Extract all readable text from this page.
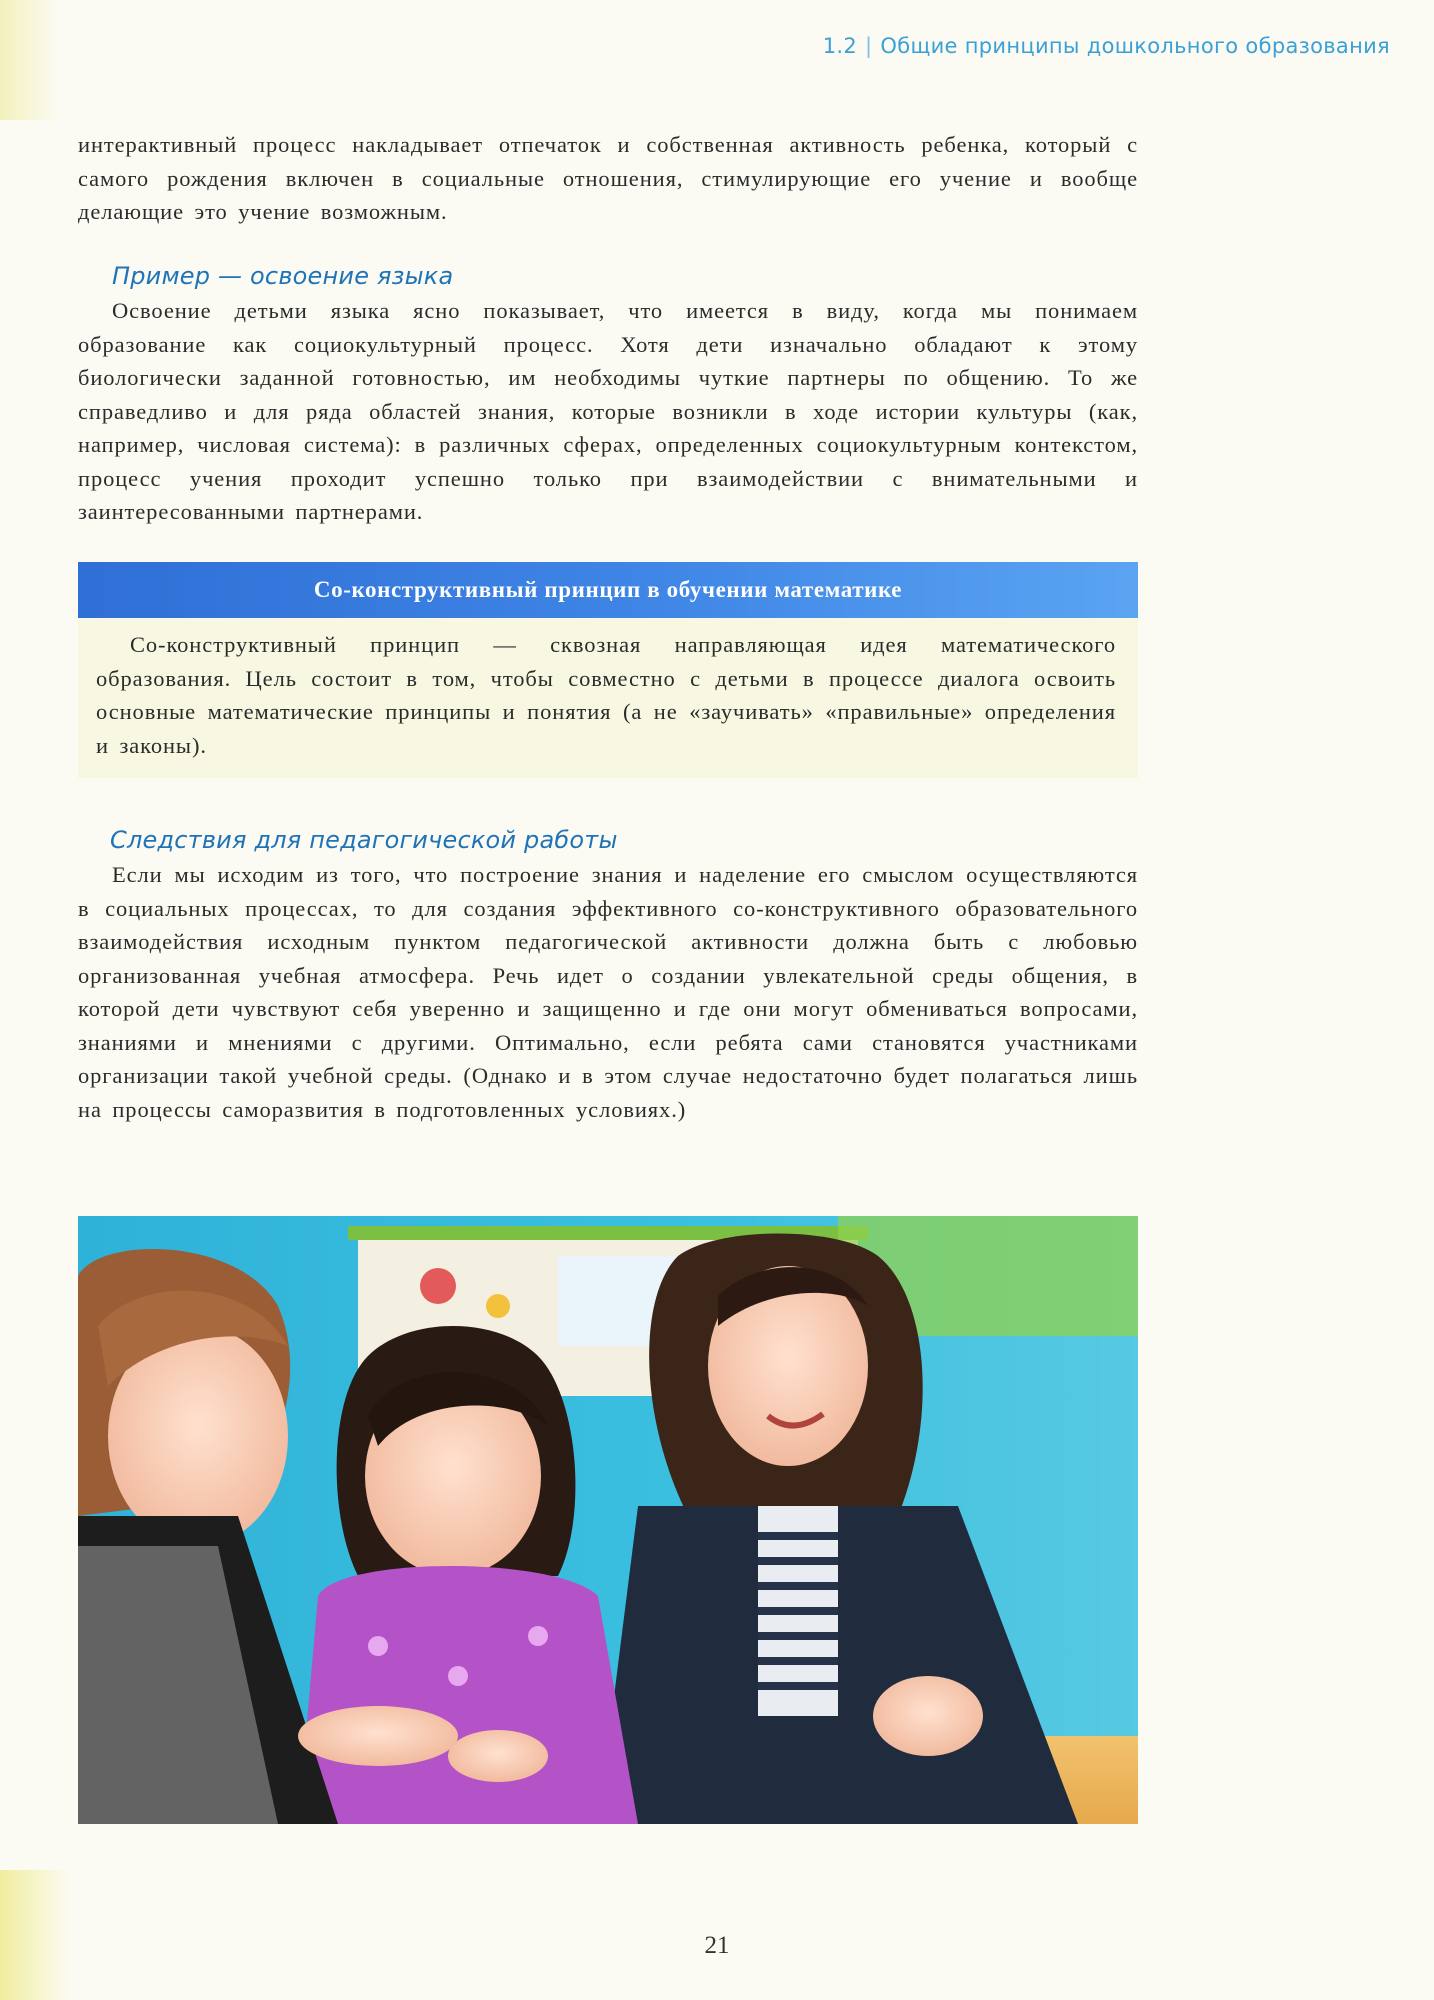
1.2 | Общие принципы дошкольного образования
интерактивный процесс накладывает отпечаток и собственная активность ребенка, который с самого рождения включен в социальные отношения, стимулирующие его учение и вообще делающие это учение возможным.
Пример — освоение языка
Освоение детьми языка ясно показывает, что имеется в виду, когда мы понимаем образование как социокультурный процесс. Хотя дети изначально обладают к этому биологически заданной готовностью, им необходимы чуткие партнеры по общению. То же справедливо и для ряда областей знания, которые возникли в ходе истории культуры (как, например, числовая система): в различных сферах, определенных социокультурным контекстом, процесс учения проходит успешно только при взаимодействии с внимательными и заинтересованными партнерами.
Со-конструктивный принцип в обучении математике
Со-конструктивный принцип — сквозная направляющая идея математического образования. Цель состоит в том, чтобы совместно с детьми в процессе диалога освоить основные математические принципы и понятия (а не «заучивать» «правильные» определения и законы).
Следствия для педагогической работы
Если мы исходим из того, что построение знания и наделение его смыслом осуществляются в социальных процессах, то для создания эффективного со-конструктивного образовательного взаимодействия исходным пунктом педагогической активности должна быть с любовью организованная учебная атмосфера. Речь идет о создании увлекательной среды общения, в которой дети чувствуют себя уверенно и защищенно и где они могут обмениваться вопросами, знаниями и мнениями с другими. Оптимально, если ребята сами становятся участниками организации такой учебной среды. (Однако и в этом случае недостаточно будет полагаться лишь на процессы саморазвития в подготовленных условиях.)
21
